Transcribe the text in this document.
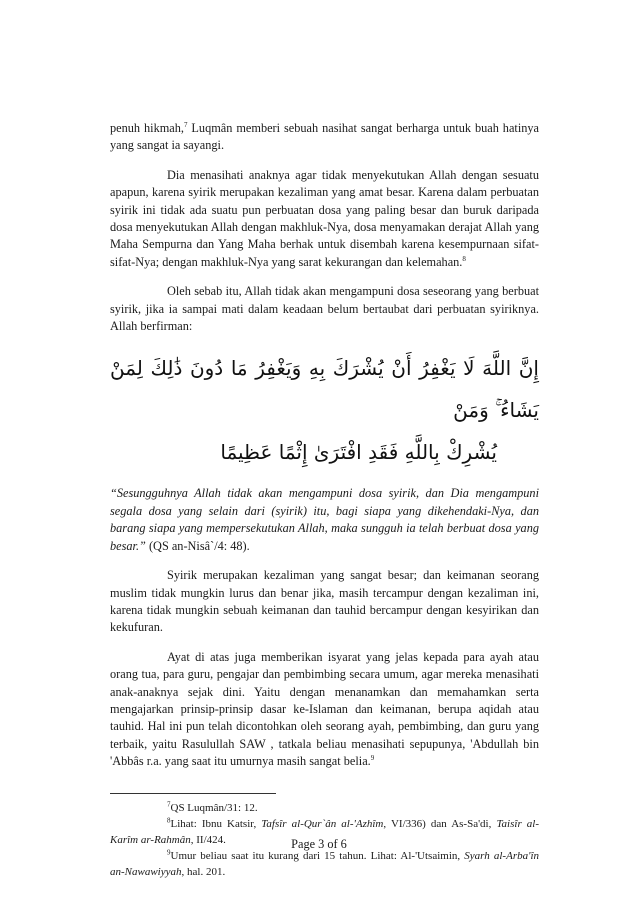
penuh hikmah,$^7$ Luqmân memberi sebuah nasihat sangat berharga untuk buah hatinya yang sangat ia sayangi.

Dia menasihati anaknya agar tidak menyekutukan Allah dengan sesuatu apapun, karena syirik merupakan kezaliman yang amat besar. Karena dalam perbuatan syirik ini tidak ada suatu pun perbuatan dosa yang paling besar dan buruk daripada dosa menyekutukan Allah dengan makhluk-Nya, dosa menyamakan derajat Allah yang Maha Sempurna dan Yang Maha berhak untuk disembah karena kesempurnaan sifat-sifat-Nya; dengan makhluk-Nya yang sarat kekurangan dan kelemahan.$^8$

Oleh sebab itu, Allah tidak akan mengampuni dosa seseorang yang berbuat syirik, jika ia sampai mati dalam keadaan belum bertaubat dari perbuatan syiriknya. Allah berfirman:

إِنَّ اللَّهَ لَا يَغْفِرُ أَنْ يُشْرَكَ بِهِ وَيَغْفِرُ مَا دُونَ ذَٰلِكَ لِمَنْ يَشَاءُ ۚ وَمَنْ
يُشْرِكْ بِاللَّهِ فَقَدِ افْتَرَىٰ إِثْمًا عَظِيمًا

“Sesungguhnya Allah tidak akan mengampuni dosa syirik, dan Dia mengampuni segala dosa yang selain dari (syirik) itu, bagi siapa yang dikehendaki-Nya, dan barang siapa yang mempersekutukan Allah, maka sungguh ia telah berbuat dosa yang besar.” (QS an-Nisâ`/4: 48).

Syirik merupakan kezaliman yang sangat besar; dan keimanan seorang muslim tidak mungkin lurus dan benar jika, masih tercampur dengan kezaliman ini, karena tidak mungkin sebuah keimanan dan tauhid bercampur dengan kesyirikan dan kekufuran.

Ayat di atas juga memberikan isyarat yang jelas kepada para ayah atau orang tua, para guru, pengajar dan pembimbing secara umum, agar mereka menasihati anak-anaknya sejak dini. Yaitu dengan menanamkan dan memahamkan serta mengajarkan prinsip-prinsip dasar ke-Islaman dan keimanan, berupa aqidah atau tauhid. Hal ini pun telah dicontohkan oleh seorang ayah, pembimbing, dan guru yang terbaik, yaitu Rasulullah SAW , tatkala beliau menasihati sepupunya, 'Abdullah bin 'Abbâs r.a. yang saat itu umurnya masih sangat belia.$^9$

$^7$QS Luqmân/31: 12.

$^8$Lihat: Ibnu Katsir, Tafsîr al-Qur`ân al-'Azhîm, VI/336) dan As-Sa'di, Taisîr al-Karîm ar-Rahmân, II/424.

$^9$Umur beliau saat itu kurang dari 15 tahun. Lihat: Al-'Utsaimin, Syarh al-Arba'în an-Nawawiyyah, hal. 201.

Page 3 of 6
